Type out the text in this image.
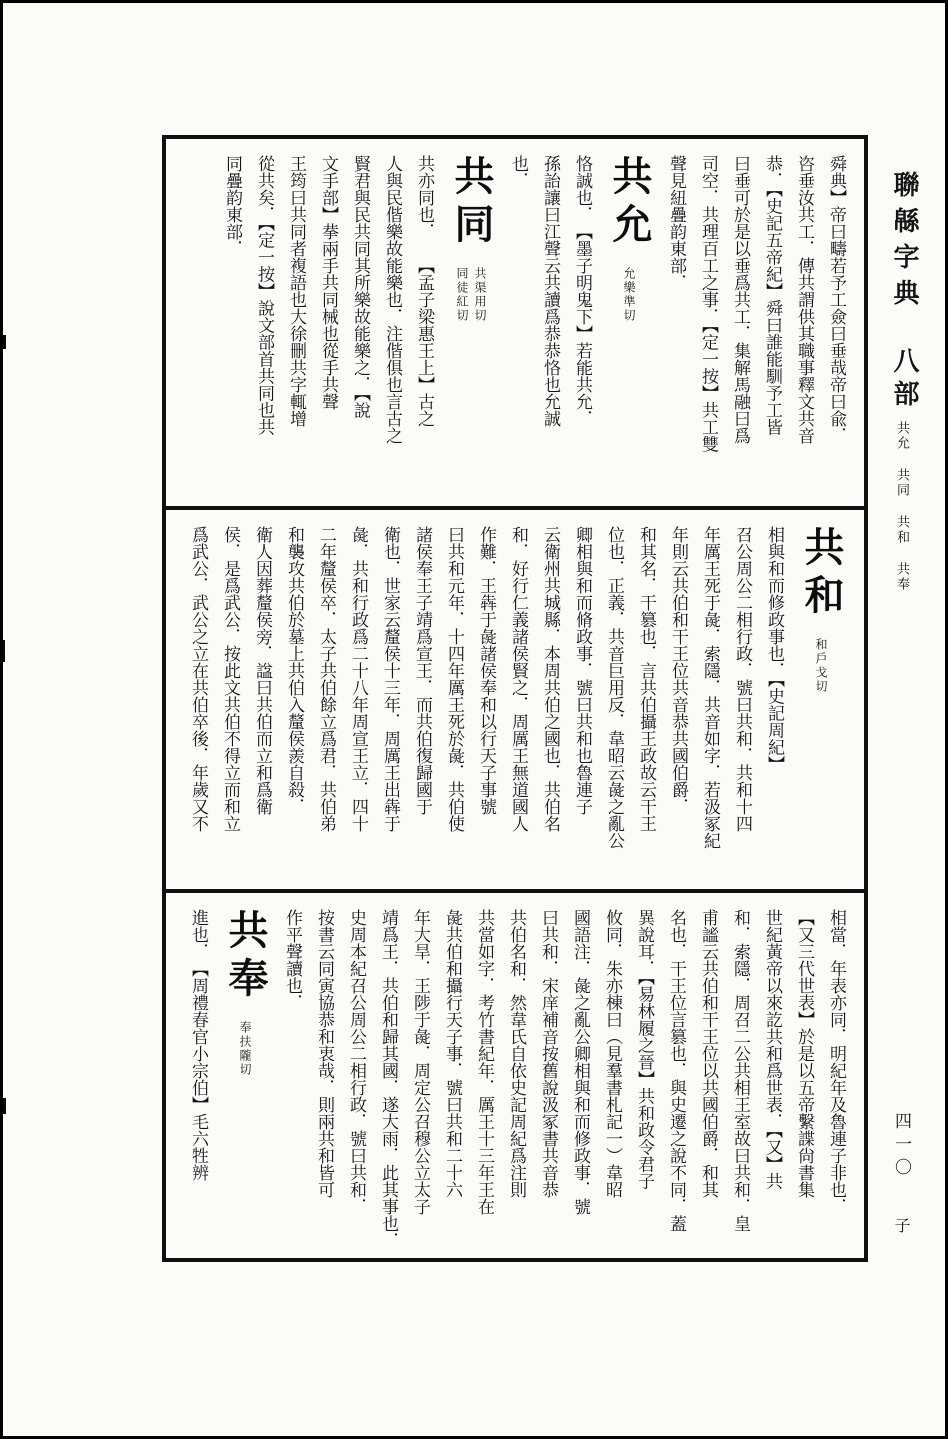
舜典】帝曰疇若予工僉曰垂哉帝曰兪．
咨垂汝共工．傳共謂供其職事釋文共音
恭．【史記五帝紀】舜曰誰能馴予工皆
曰垂可於是以垂爲共工．集解馬融曰爲
司空．共理百工之事．【定一按】共工雙
聲見紐疊韵東部．
共允
允樂準切
恪誠也．　【墨子明鬼下】若能共允．
孫詒讓曰江聲云共讀爲恭恭恪也允誠
也．
共同
共渠用切
同徒紅切
共亦同也．　　【孟子梁惠王上】古之
人與民偕樂故能樂也．注偕俱也言古之
賢君與民共同其所樂故能樂之．【說
文手部】拲兩手共同械也從手共聲
王筠曰共同者複語也大徐刪共字輒增
從共矣．【定一按】說文部首共同也共
同疊韵東部．
共和
和戶戈切
相與和而修政事也．【史記周紀】
召公周公二相行政．號曰共和．共和十四
年厲王死于彘．索隱．共音如字．若汲冢紀
年則云共伯和干王位共音恭共國伯爵．
和其名．干篡也．言共伯攝王政故云干王
位也．正義．共音巨用反．韋昭云彘之亂公
卿相與和而脩政事．號曰共和也魯連子
云衛州共城縣．本周共伯之國也．共伯名
和．好行仁義諸侯賢之．周厲王無道國人
作難．王犇于彘諸侯奉和以行天子事號
曰共和元年．十四年厲王死於彘．共伯使
諸侯奉王子靖爲宣王．而共伯復歸國于
衛也．世家云釐侯十三年．周厲王出犇于
彘．共和行政爲二十八年周宣王立．四十
二年釐侯卒．太子共伯餘立爲君．共伯弟
和襲攻共伯於墓上共伯入釐侯羨自殺．
衛人因葬釐侯旁．諡曰共伯而立和爲衛
侯．是爲武公．按此文共伯不得立而和立
爲武公．武公之立在共伯卒後．年歲又不
相當．年表亦同．明紀年及魯連子非也．
【又三代世表】於是以五帝繫諜尙書集
世紀黃帝以來訖共和爲世表．【又】共
和．索隱．周召二公共相王室故曰共和．皇
甫謐云共伯和干王位以共國伯爵．和其
名也．干王位言篡也．與史遷之說不同．蓋
異說耳．【易林履之晉】共和政令君子
攸同．朱亦棟曰（見羣書札記一）韋昭
國語注．彘之亂公卿相與和而修政事．號
曰共和．宋庠補音按舊說汲冢書共音恭
共伯名和．然韋氏自依史記周紀爲注則
共當如字．考竹書紀年．厲王十三年王在
彘共伯和攝行天子事．號曰共和二十六
年大旱．王陟于彘．周定公召穆公立太子
靖爲王．共伯和歸其國．遂大雨．此其事也．
史周本紀召公周公二相行政．號曰共和．
按書云同寅協恭和衷哉．則兩共和皆可
作平聲讀也．
共奉
奉扶隴切
進也．　【周禮春官小宗伯】毛六牲辨
聯緜字典
八部
共允
共同
共和
共奉
四一〇
子
